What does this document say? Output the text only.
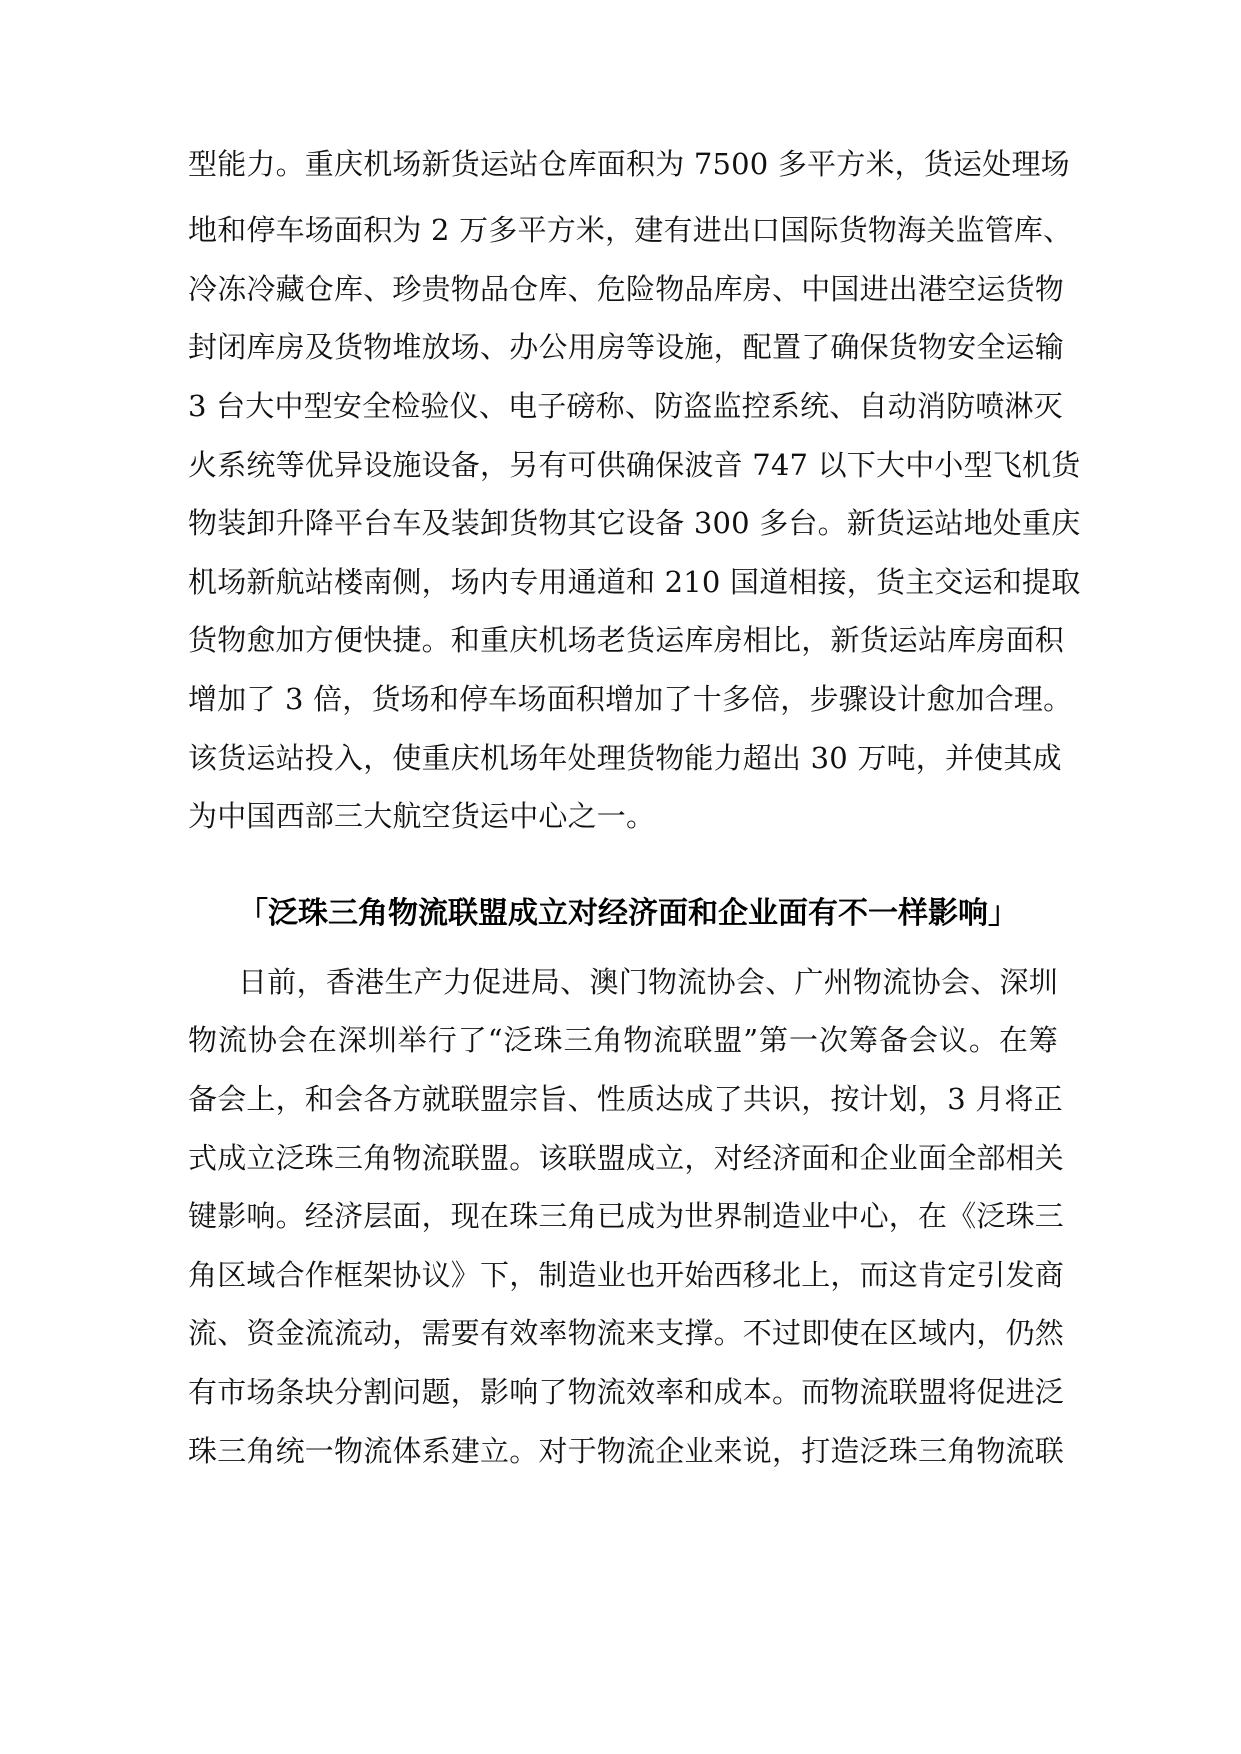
型能力。重庆机场新货运站仓库面积为 7500 多平方米，货运处理场
地和停车场面积为 2 万多平方米，建有进出口国际货物海关监管库、
冷冻冷藏仓库、珍贵物品仓库、危险物品库房、中国进出港空运货物
封闭库房及货物堆放场、办公用房等设施，配置了确保货物安全运输
3 台大中型安全检验仪、电子磅称、防盗监控系统、自动消防喷淋灭
火系统等优异设施设备，另有可供确保波音 747 以下大中小型飞机货
物装卸升降平台车及装卸货物其它设备 300 多台。新货运站地处重庆
机场新航站楼南侧，场内专用通道和 210 国道相接，货主交运和提取
货物愈加方便快捷。和重庆机场老货运库房相比，新货运站库房面积
增加了 3 倍，货场和停车场面积增加了十多倍，步骤设计愈加合理。
该货运站投入，使重庆机场年处理货物能力超出 30 万吨，并使其成
为中国西部三大航空货运中心之一。
「泛珠三角物流联盟成立对经济面和企业面有不一样影响」
日前，香港生产力促进局、澳门物流协会、广州物流协会、深圳
物流协会在深圳举行了“泛珠三角物流联盟”第一次筹备会议。在筹
备会上，和会各方就联盟宗旨、性质达成了共识，按计划，3 月将正
式成立泛珠三角物流联盟。该联盟成立，对经济面和企业面全部相关
键影响。经济层面，现在珠三角已成为世界制造业中心，在《泛珠三
角区域合作框架协议》下，制造业也开始西移北上，而这肯定引发商
流、资金流流动，需要有效率物流来支撑。不过即使在区域内，仍然
有市场条块分割问题，影响了物流效率和成本。而物流联盟将促进泛
珠三角统一物流体系建立。对于物流企业来说，打造泛珠三角物流联
